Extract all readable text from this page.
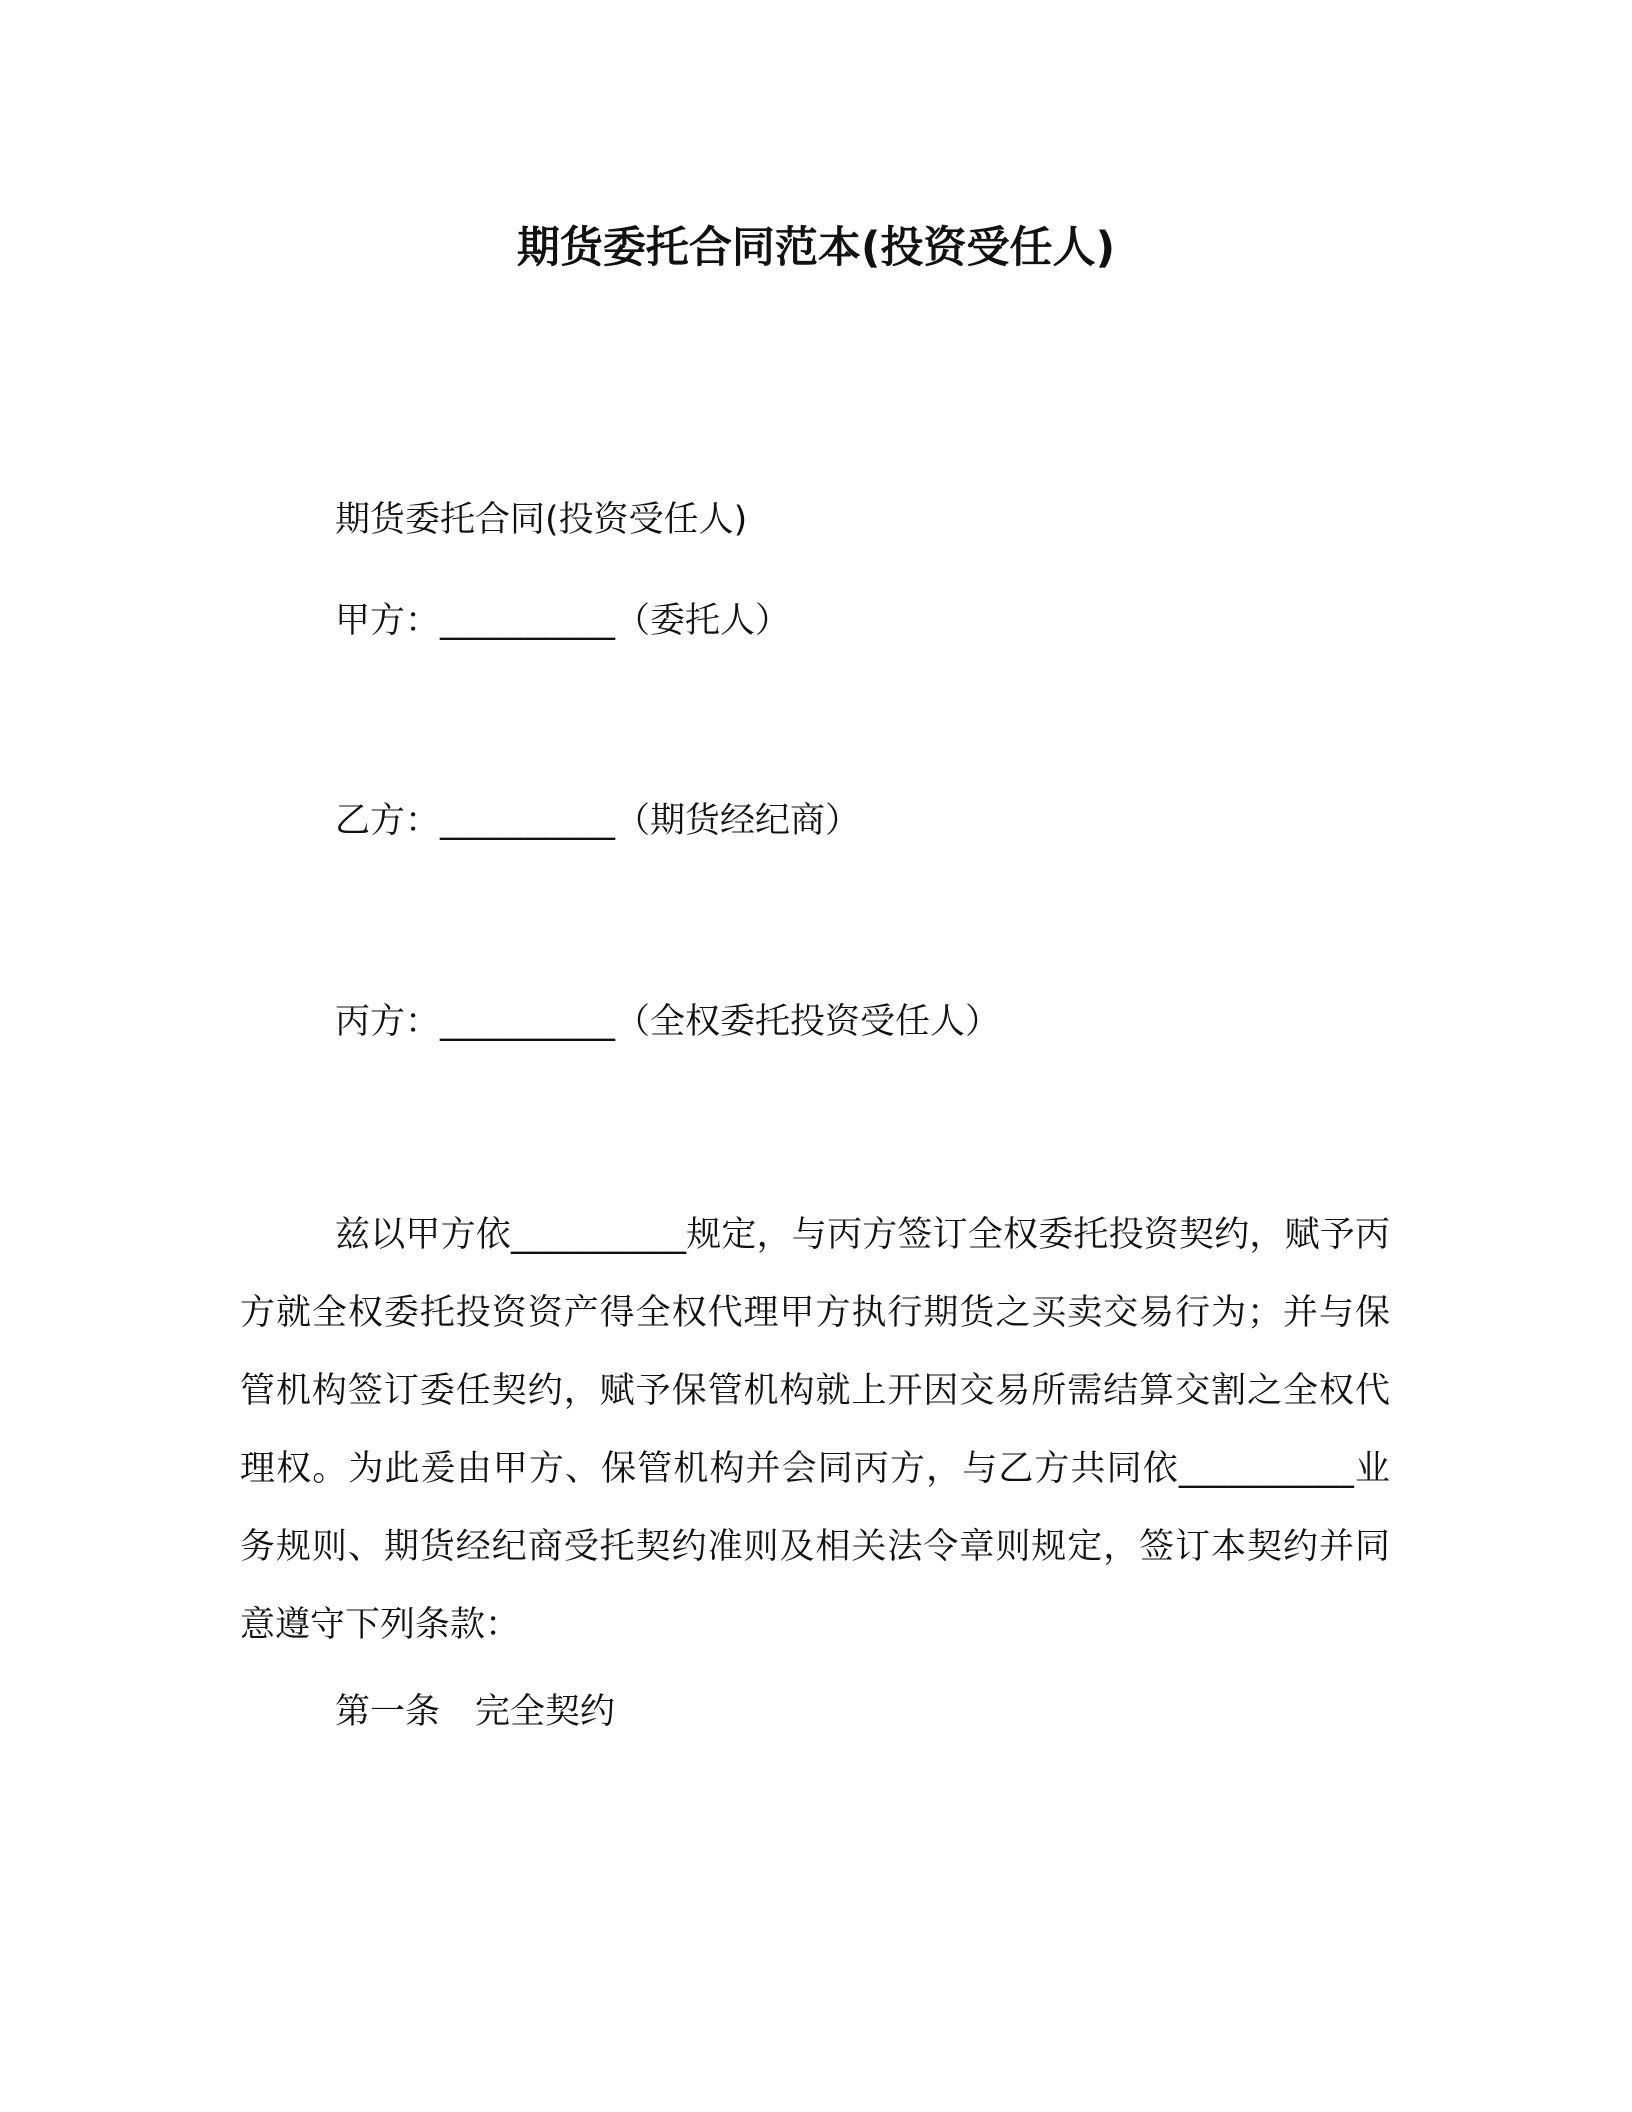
期货委托合同范本(投资受任人)
期货委托合同(投资受任人)
甲方：__________（委托人）
乙方：__________（期货经纪商）
丙方：__________（全权委托投资受任人）
兹以甲方依__________规定，与丙方签订全权委托投资契约，赋予丙方就全权委托投资资产得全权代理甲方执行期货之买卖交易行为；并与保管机构签订委任契约，赋予保管机构就上开因交易所需结算交割之全权代理权。为此爰由甲方、保管机构并会同丙方，与乙方共同依__________业务规则、期货经纪商受托契约准则及相关法令章则规定，签订本契约并同意遵守下列条款：
第一条　完全契约
